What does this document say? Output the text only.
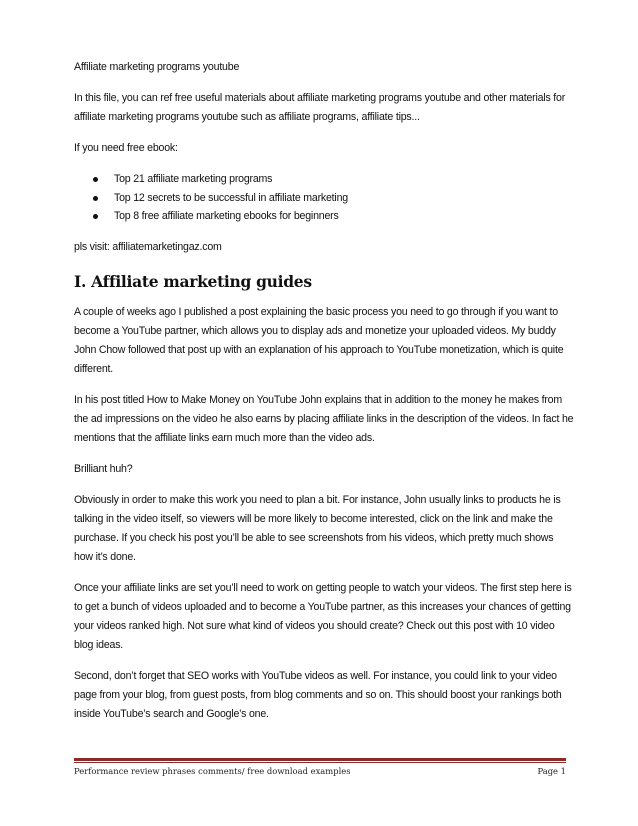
Affiliate marketing programs youtube

In this file, you can ref free useful materials about affiliate marketing programs youtube and other materials for affiliate marketing programs youtube such as affiliate programs, affiliate tips...

If you need free ebook:

Top 21 affiliate marketing programs
Top 12 secrets to be successful in affiliate marketing
Top 8 free affiliate marketing ebooks for beginners

pls visit: affiliatemarketingaz.com

I. Affiliate marketing guides

A couple of weeks ago I published a post explaining the basic process you need to go through if you want to become a YouTube partner, which allows you to display ads and monetize your uploaded videos. My buddy John Chow followed that post up with an explanation of his approach to YouTube monetization, which is quite different.

In his post titled How to Make Money on YouTube John explains that in addition to the money he makes from the ad impressions on the video he also earns by placing affiliate links in the description of the videos. In fact he mentions that the affiliate links earn much more than the video ads.

Brilliant huh?

Obviously in order to make this work you need to plan a bit. For instance, John usually links to products he is talking in the video itself, so viewers will be more likely to become interested, click on the link and make the purchase. If you check his post you’ll be able to see screenshots from his videos, which pretty much shows how it’s done.

Once your affiliate links are set you’ll need to work on getting people to watch your videos. The first step here is to get a bunch of videos uploaded and to become a YouTube partner, as this increases your chances of getting your videos ranked high. Not sure what kind of videos you should create? Check out this post with 10 video blog ideas.

Second, don’t forget that SEO works with YouTube videos as well. For instance, you could link to your video page from your blog, from guest posts, from blog comments and so on. This should boost your rankings both inside YouTube’s search and Google’s one.

Performance review phrases comments/ free download examples	Page 1
